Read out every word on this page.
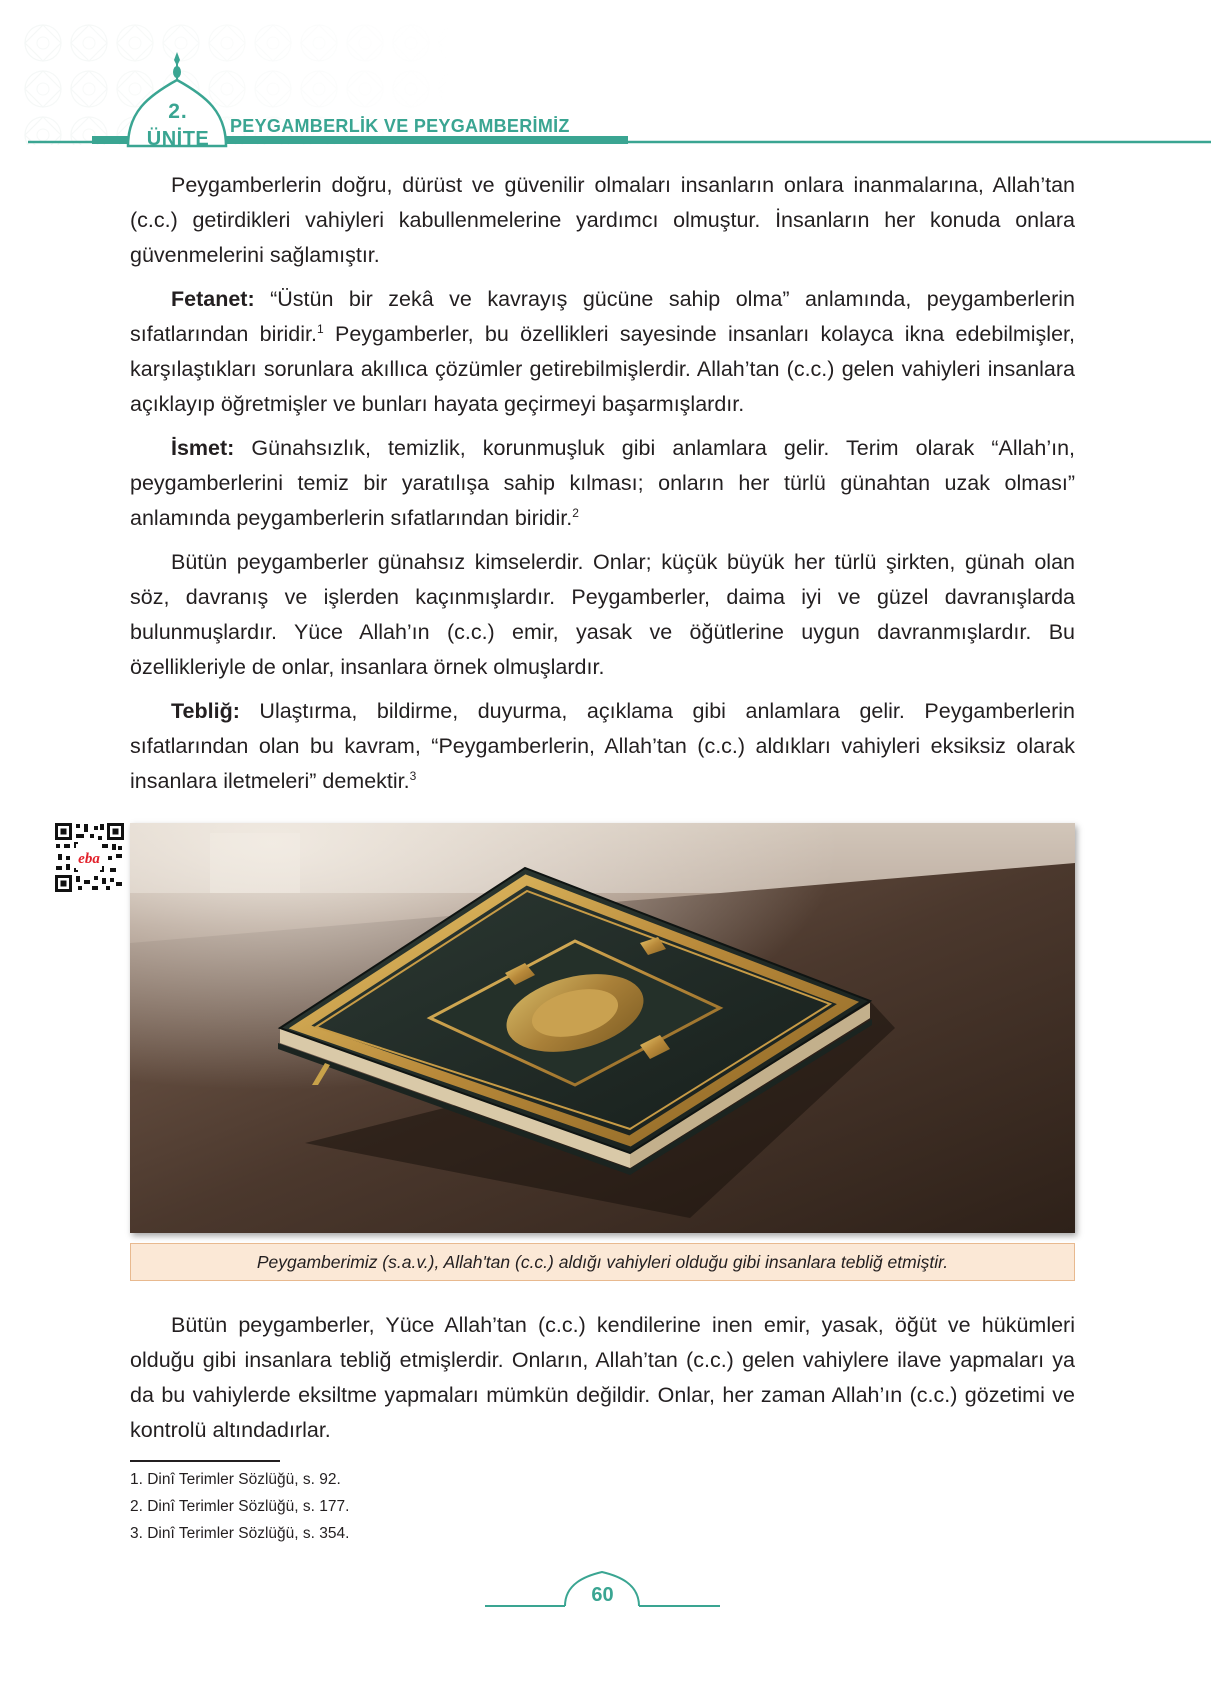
2.
ÜNİTE
PEYGAMBERLİK VE PEYGAMBERİMİZ

Peygamberlerin doğru, dürüst ve güvenilir olmaları insanların onlara inanmalarına, Allah’tan (c.c.) getirdikleri vahiyleri kabullenmelerine yardımcı olmuştur. İnsanların her konuda onlara güvenmelerini sağlamıştır.

Fetanet: “Üstün bir zekâ ve kavrayış gücüne sahip olma” anlamında, peygamberlerin sıfatlarından biridir.$^1$ Peygamberler, bu özellikleri sayesinde insanları kolayca ikna edebilmişler, karşılaştıkları sorunlara akıllıca çözümler getirebilmişlerdir. Allah’tan (c.c.) gelen vahiyleri insanlara açıklayıp öğretmişler ve bunları hayata geçirmeyi başarmışlardır.

İsmet: Günahsızlık, temizlik, korunmuşluk gibi anlamlara gelir. Terim olarak “Allah’ın, peygamberlerini temiz bir yaratılışa sahip kılması; onların her türlü günahtan uzak olması” anlamında peygamberlerin sıfatlarından biridir.$^2$

Bütün peygamberler günahsız kimselerdir. Onlar; küçük büyük her türlü şirkten, günah olan söz, davranış ve işlerden kaçınmışlardır. Peygamberler, daima iyi ve güzel davranışlarda bulunmuşlardır. Yüce Allah’ın (c.c.) emir, yasak ve öğütlerine uygun davranmışlardır. Bu özellikleriyle de onlar, insanlara örnek olmuşlardır.

Tebliğ: Ulaştırma, bildirme, duyurma, açıklama gibi anlamlara gelir. Peygamberlerin sıfatlarından olan bu kavram, “Peygamberlerin, Allah’tan (c.c.) aldıkları vahiyleri eksiksiz olarak insanlara iletmeleri” demektir.$^3$

eba
Peygamberimiz (s.a.v.), Allah'tan (c.c.) aldığı vahiyleri olduğu gibi insanlara tebliğ etmiştir.

Bütün peygamberler, Yüce Allah’tan (c.c.) kendilerine inen emir, yasak, öğüt ve hükümleri olduğu gibi insanlara tebliğ etmişlerdir. Onların, Allah’tan (c.c.) gelen vahiylere ilave yapmaları ya da bu vahiylerde eksiltme yapmaları mümkün değildir. Onlar, her zaman Allah’ın (c.c.) gözetimi ve kontrolü altındadırlar.

1. Dinî Terimler Sözlüğü, s. 92.
2. Dinî Terimler Sözlüğü, s. 177.
3. Dinî Terimler Sözlüğü, s. 354.
60
